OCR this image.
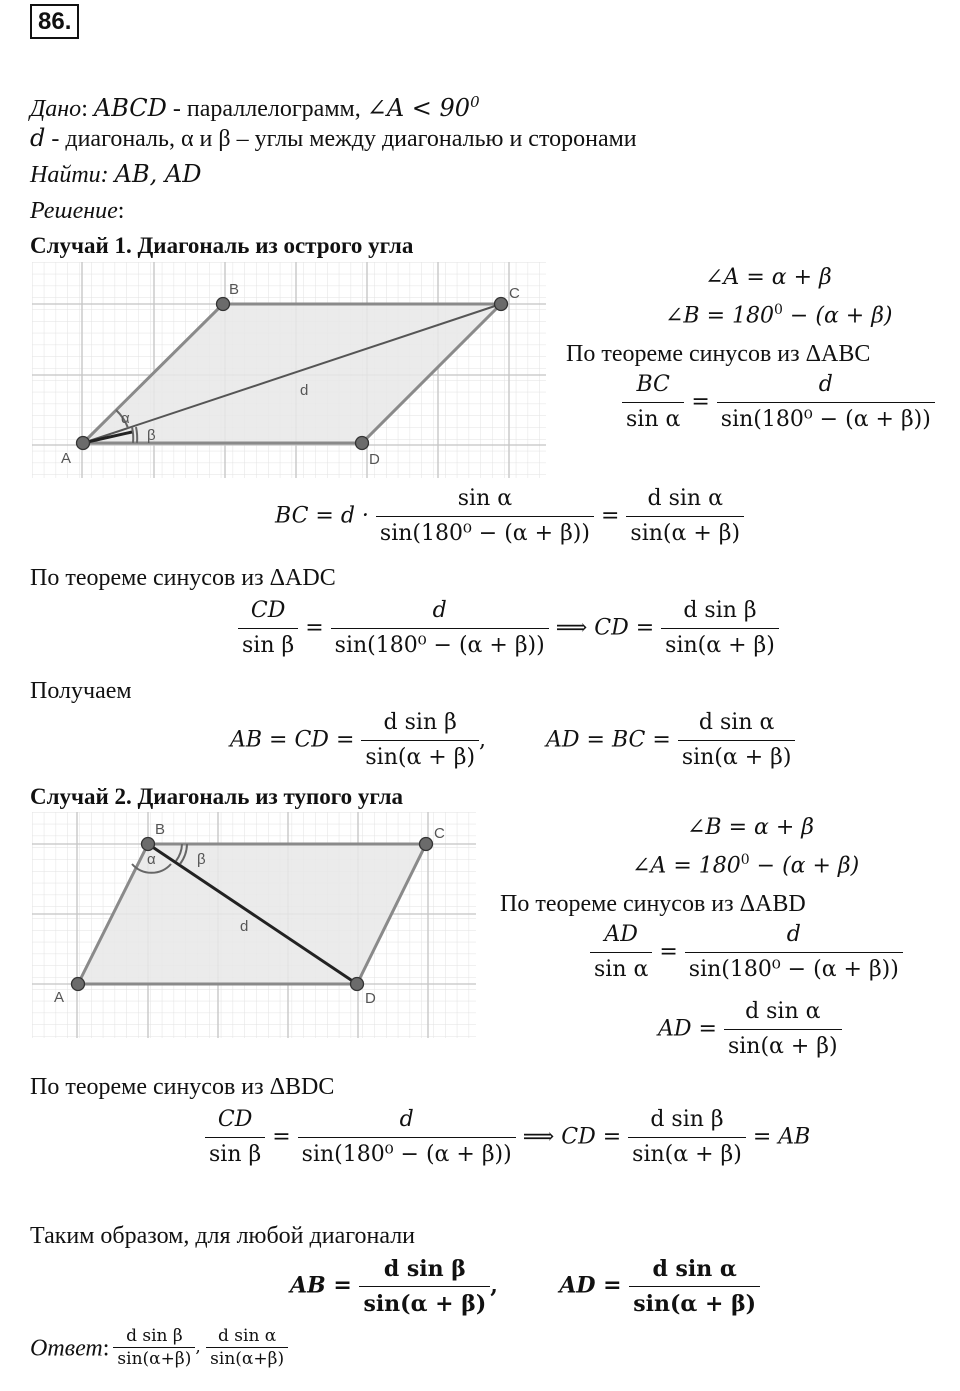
86.
Дано: ABCD - параллелограмм, ∠A < $90^0$
d - диагональ, α и β – углы между диагональю и сторонами
Найти: AB, AD
Решение:
Случай 1. Диагональ из острого угла
A
B	C
D
d
α
β
∠A = α + β
∠B = $180^0 - (\alpha + \beta)$
По теореме синусов из ΔABC
$\frac{BC}{\text{sin α}} = \frac{d}{\text{sin(180⁰ − (α + β))}}$
BC = $d \cdot \frac{\text{sin α}}{\text{sin(180⁰ − (α + β))}} = \frac{\text{d sin α}}{\sin(\alpha + \beta)}$
По теореме синусов из ΔADC
$\frac{CD}{\text{sin β}} = \frac{d}{\text{sin(180⁰ − (α + β))}}$ ⟹ CD = $\frac{\text{d sin β}}{\sin(\alpha + \beta)}$
Получаем
AB = CD = $\frac{\text{d sin β}}{\sin(\alpha + \beta)}$ ,	AD = BC = $\frac{\text{d sin α}}{\sin(\alpha + \beta)}$
Случай 2. Диагональ из тупого угла
A
B	C
D
d
α	β
∠B = α + β
∠A = $180^0 - (\alpha + \beta)$
По теореме синусов из ΔABD
$\frac{AD}{\text{sin α}} = \frac{d}{\text{sin(180⁰ − (α + β))}}$
AD = $\frac{\text{d sin α}}{\sin(\alpha + \beta)}$
По теореме синусов из ΔBDC
$\frac{CD}{\text{sin β}} = \frac{d}{\text{sin(180⁰ − (α + β))}}$ ⟹ CD = $\frac{\text{d sin β}}{\sin(\alpha + \beta)}$ = AB
Таким образом, для любой диагонали
AB = $\frac{\text{d sin β}}{\sin(\alpha + \beta)}$ ,	AD = $\frac{\text{d sin α}}{\sin(\alpha + \beta)}$
Ответ: $\frac{\text{d sin β}}{\sin(\alpha+\beta)}$ , $\frac{\text{d sin α}}{\sin(\alpha+\beta)}$
